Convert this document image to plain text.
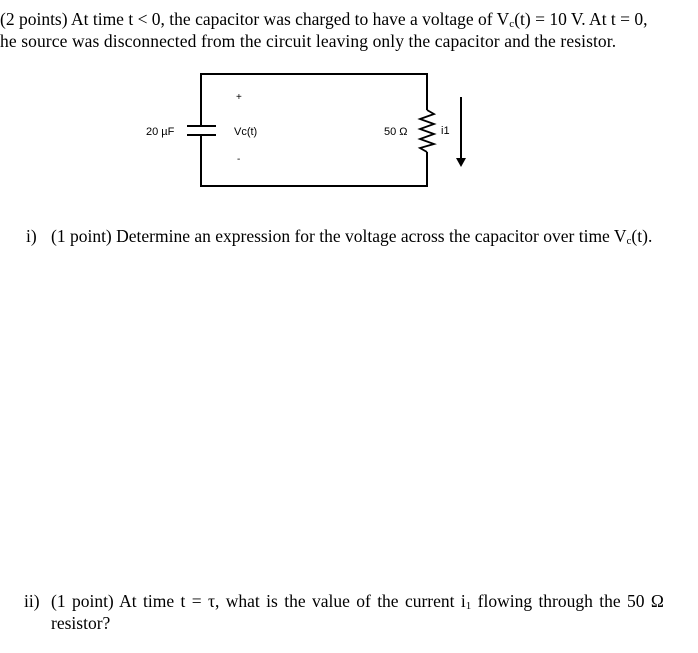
(2 points) At time t < 0, the capacitor was charged to have a voltage of $V_c(t) = 10$ V. At t = 0,
he source was disconnected from the circuit leaving only the capacitor and the resistor.
20 µF
+
-
Vc(t)	50 Ω	i1
i) (1 point) Determine an expression for the voltage across the capacitor over time $V_c(t)$.
ii) (1 point) At time t = τ, what is the value of the current $i_1$ flowing through the 50 Ω
resistor?
